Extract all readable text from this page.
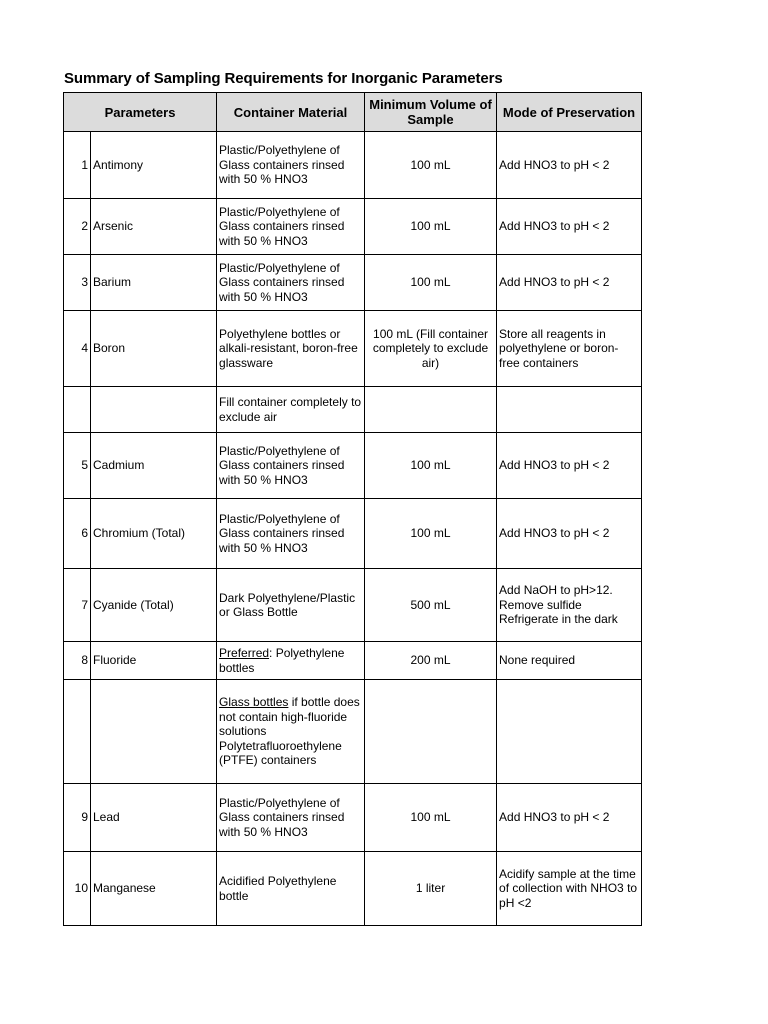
Summary of Sampling Requirements for Inorganic Parameters
Parameters		Container Material	Minimum Volume of Sample	Mode of Preservation
1	Antimony	Plastic/Polyethylene of Glass containers rinsed with 50 % HNO3	100 mL	Add HNO3 to pH < 2
2	Arsenic	Plastic/Polyethylene of Glass containers rinsed with 50 % HNO3	100 mL	Add HNO3 to pH < 2
3	Barium	Plastic/Polyethylene of Glass containers rinsed with 50 % HNO3	100 mL	Add HNO3 to pH < 2
4	Boron	Polyethylene bottles or alkali-resistant, boron-free glassware	100 mL (Fill container completely to exclude air)	Store all reagents in polyethylene or boron-free containers
		Fill container completely to exclude air		
5	Cadmium	Plastic/Polyethylene of Glass containers rinsed with 50 % HNO3	100 mL	Add HNO3 to pH < 2
6	Chromium (Total)	Plastic/Polyethylene of Glass containers rinsed with 50 % HNO3	100 mL	Add HNO3 to pH < 2
7	Cyanide (Total)	Dark Polyethylene/Plastic or Glass Bottle	500 mL	Add NaOH to pH>12. Remove sulfide Refrigerate in the dark
8	Fluoride	Preferred: Polyethylene bottles	200 mL	None required
		Glass bottles if bottle does not contain high-fluoride solutions Polytetrafluoroethylene (PTFE) containers		
9	Lead	Plastic/Polyethylene of Glass containers rinsed with 50 % HNO3	100 mL	Add HNO3 to pH < 2
10	Manganese	Acidified Polyethylene bottle	1 liter	Acidify sample at the time of collection with NHO3 to pH <2
